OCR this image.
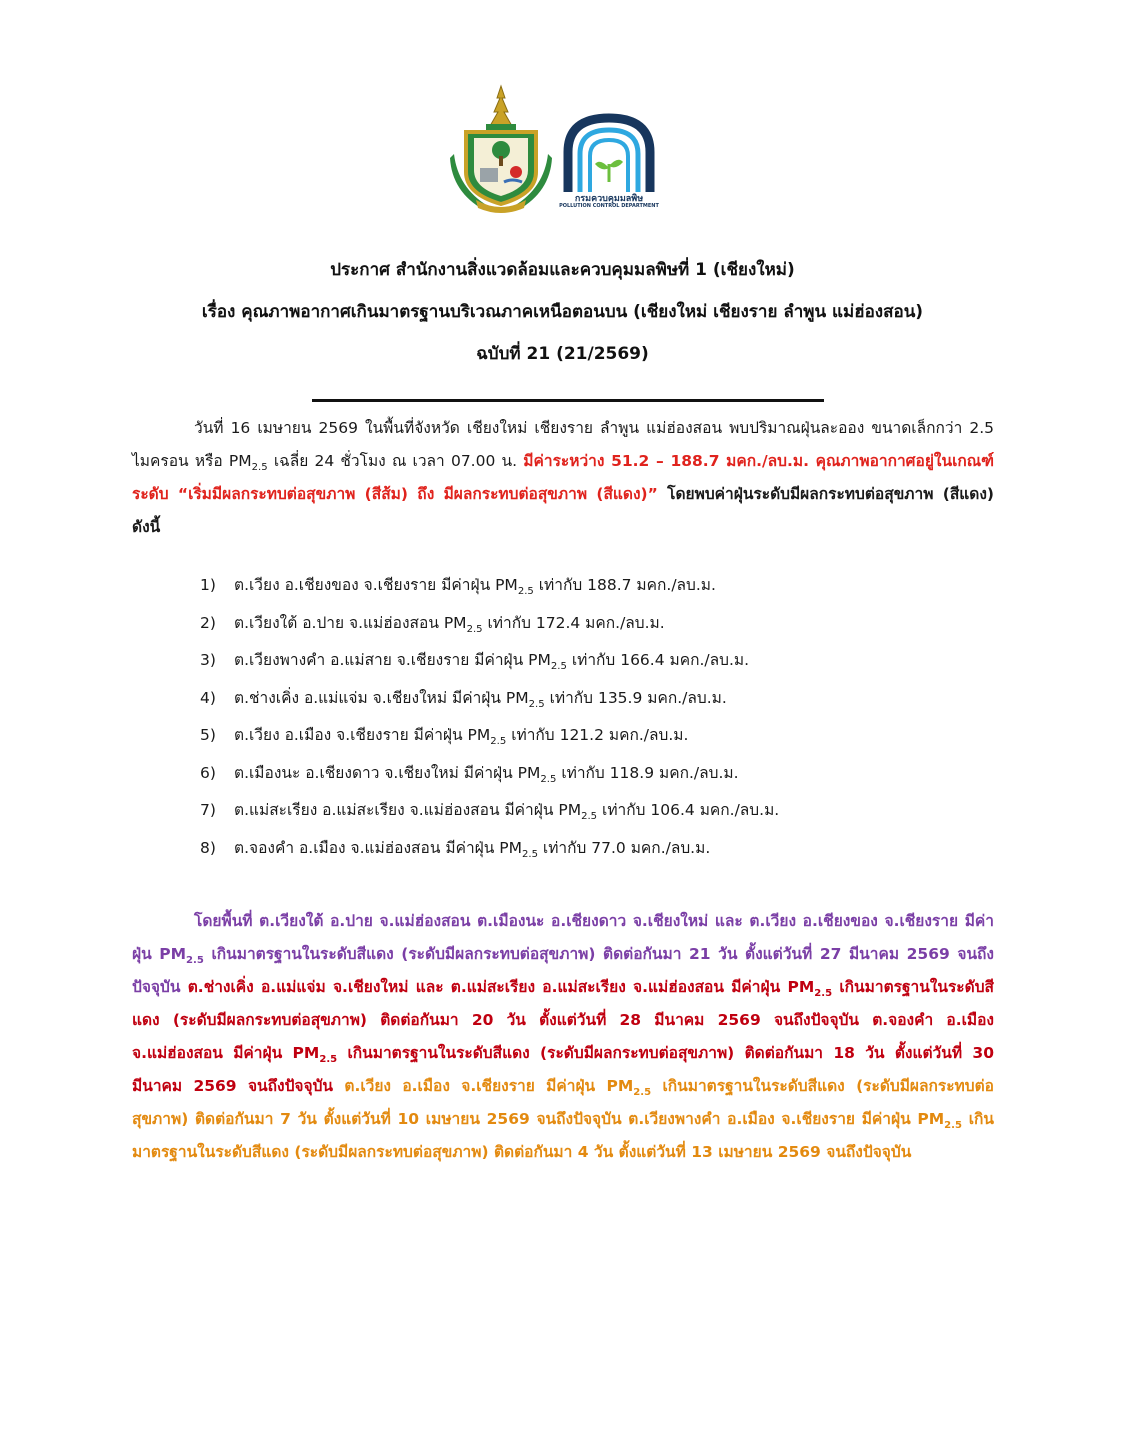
กรมควบคุมมลพิษ
POLLUTION CONTROL DEPARTMENT
ประกาศ สำนักงานสิ่งแวดล้อมและควบคุมมลพิษที่ 1 (เชียงใหม่)
เรื่อง คุณภาพอากาศเกินมาตรฐานบริเวณภาคเหนือตอนบน (เชียงใหม่ เชียงราย ลำพูน แม่ฮ่องสอน)
ฉบับที่ 21 (21/2569)
วันที่ 16 เมษายน 2569 ในพื้นที่จังหวัด เชียงใหม่ เชียงราย ลำพูน แม่ฮ่องสอน พบปริมาณฝุ่นละออง ขนาดเล็กกว่า 2.5 ไมครอน หรือ $PM_{2.5}$ เฉลี่ย 24 ชั่วโมง ณ เวลา 07.00 น. มีค่าระหว่าง 51.2 – 188.7 มคก./ลบ.ม. คุณภาพอากาศอยู่ในเกณฑ์ระดับ “เริ่มมีผลกระทบต่อสุขภาพ (สีส้ม) ถึง มีผลกระทบต่อสุขภาพ (สีแดง)” โดยพบค่าฝุ่นระดับมีผลกระทบต่อสุขภาพ (สีแดง) ดังนี้
1) ต.เวียง อ.เชียงของ จ.เชียงราย มีค่าฝุ่น $PM_{2.5}$ เท่ากับ 188.7 มคก./ลบ.ม.
2) ต.เวียงใต้ อ.ปาย จ.แม่ฮ่องสอน $PM_{2.5}$ เท่ากับ 172.4 มคก./ลบ.ม.
3) ต.เวียงพางคำ อ.แม่สาย จ.เชียงราย มีค่าฝุ่น $PM_{2.5}$ เท่ากับ 166.4 มคก./ลบ.ม.
4) ต.ช่างเคิ่ง อ.แม่แจ่ม จ.เชียงใหม่ มีค่าฝุ่น $PM_{2.5}$ เท่ากับ 135.9 มคก./ลบ.ม.
5) ต.เวียง อ.เมือง จ.เชียงราย มีค่าฝุ่น $PM_{2.5}$ เท่ากับ 121.2 มคก./ลบ.ม.
6) ต.เมืองนะ อ.เชียงดาว จ.เชียงใหม่ มีค่าฝุ่น $PM_{2.5}$ เท่ากับ 118.9 มคก./ลบ.ม.
7) ต.แม่สะเรียง อ.แม่สะเรียง จ.แม่ฮ่องสอน มีค่าฝุ่น $PM_{2.5}$ เท่ากับ 106.4 มคก./ลบ.ม.
8) ต.จองคำ อ.เมือง จ.แม่ฮ่องสอน มีค่าฝุ่น $PM_{2.5}$ เท่ากับ 77.0 มคก./ลบ.ม.
โดยพื้นที่ ต.เวียงใต้ อ.ปาย จ.แม่ฮ่องสอน ต.เมืองนะ อ.เชียงดาว จ.เชียงใหม่ และ ต.เวียง อ.เชียงของ จ.เชียงราย มีค่าฝุ่น $PM_{2.5}$ เกินมาตรฐานในระดับสีแดง (ระดับมีผลกระทบต่อสุขภาพ) ติดต่อกันมา 21 วัน ตั้งแต่วันที่ 27 มีนาคม 2569 จนถึงปัจจุบัน ต.ช่างเคิ่ง อ.แม่แจ่ม จ.เชียงใหม่ และ ต.แม่สะเรียง อ.แม่สะเรียง จ.แม่ฮ่องสอน มีค่าฝุ่น $PM_{2.5}$ เกินมาตรฐานในระดับสีแดง (ระดับมีผลกระทบต่อสุขภาพ) ติดต่อกันมา 20 วัน ตั้งแต่วันที่ 28 มีนาคม 2569 จนถึงปัจจุบัน ต.จองคำ อ.เมือง จ.แม่ฮ่องสอน มีค่าฝุ่น $PM_{2.5}$ เกินมาตรฐานในระดับสีแดง (ระดับมีผลกระทบต่อสุขภาพ) ติดต่อกันมา 18 วัน ตั้งแต่วันที่ 30 มีนาคม 2569 จนถึงปัจจุบัน ต.เวียง อ.เมือง จ.เชียงราย มีค่าฝุ่น $PM_{2.5}$ เกินมาตรฐานในระดับสีแดง (ระดับมีผลกระทบต่อสุขภาพ) ติดต่อกันมา 7 วัน ตั้งแต่วันที่ 10 เมษายน 2569 จนถึงปัจจุบัน ต.เวียงพางคำ อ.เมือง จ.เชียงราย มีค่าฝุ่น $PM_{2.5}$ เกินมาตรฐานในระดับสีแดง (ระดับมีผลกระทบต่อสุขภาพ) ติดต่อกันมา 4 วัน ตั้งแต่วันที่ 13 เมษายน 2569 จนถึงปัจจุบัน
